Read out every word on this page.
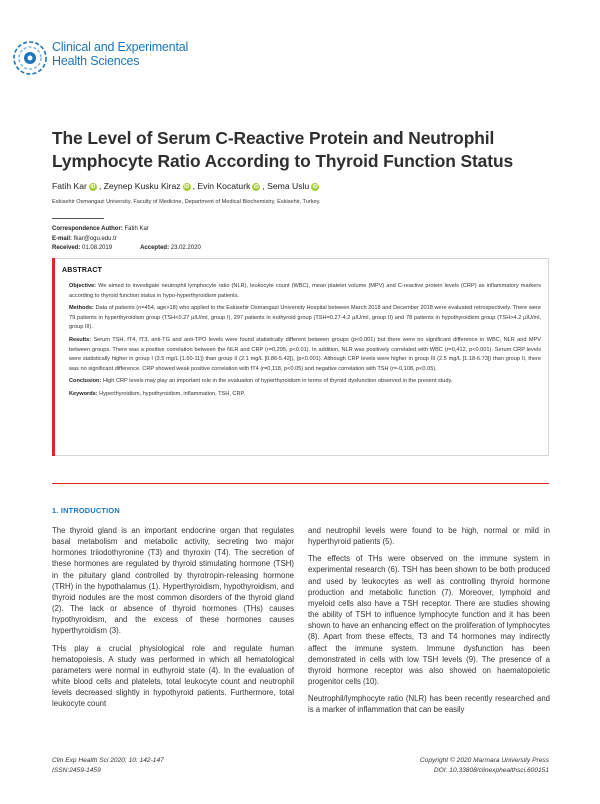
Clinical and Experimental
Health Sciences
The Level of Serum C-Reactive Protein and Neutrophil
Lymphocyte Ratio According to Thyroid Function Status
Fatih Kar iD , Zeynep Kusku Kiraz iD , Evin Kocaturk iD , Sema Uslu iD
Eskisehir Osmangazi University, Faculty of Medicine, Department of Medical Biochemistry, Eskisehir, Turkey.
Correspondence Author: Fatih Kar
E-mail: fkar@ogu.edu.tr
Received: 01.08.2019	Accepted: 23.02.2020
ABSTRACT

Objective: We aimed to investigate neutrophil lymphocyte ratio (NLR), leukocyte count (WBC), mean platelet volume (MPV) and C-reactive protein levels (CRP) as inflammatory markers according to thyroid function status in hypo-hyperthyroidism patients.

Methods: Data of patients (n=454, age>18) who applied to the Eskisehir Osmangazi University Hospital between March 2018 and December 2018 were evaluated retrospectively. There were 79 patients in hyperthyroidism group (TSH<0.27 µIU/ml, group I), 297 patients in euthyroid group (TSH=0.27-4.2 µIU/ml, group II) and 78 patients in hypothyroidism group (TSH>4.2 µIU/ml, group III).

Results: Serum TSH, fT4, fT3, anti-TG and anti-TPO levels were found statistically different between groups (p<0.001) but there were no significant difference in WBC, NLR and MPV between groups. There was a positive correlation between the NLR and CRP (r=0,295, p<0.01). In addition, NLR was positively correlated with WBC (r=0,412, p<0.001). Serum CRP levels were statistically higher in group I (3.5 mg/L [1.50-11]) than group II (2.1 mg/L [0.86-5.42]), (p<0.001). Although CRP levels were higher in group III (2.5 mg/L [1.18-6.73]) than group II, there was no significant difference. CRP showed weak positive correlation with fT4 (r=0,118, p<0.05) and negative correlation with TSH (r=-0,108, p<0.05).

Conclusion: High CRP levels may play an important role in the evaluation of hyperthyroidism in terms of thyroid dysfunction observed in the present study.

Keywords: Hyperthyroidism, hypothyroidism, inflammation, TSH, CRP.

1. INTRODUCTION

The thyroid gland is an important endocrine organ that regulates basal metabolism and metabolic activity, secreting two major hormones triiodothyronine (T3) and thyroxin (T4). The secretion of these hormones are regulated by thyroid stimulating hormone (TSH) in the pituitary gland controlled by thyrotropin-releasing hormone (TRH) in the hypothalamus (1). Hyperthyroidism, hypothyroidism, and thyroid nodules are the most common disorders of the thyroid gland (2). The lack or absence of thyroid hormones (THs) causes hypothyroidism, and the excess of these hormones causes hyperthyroidism (3).

THs play a crucial physiological role and regulate human hematopoiesis. A study was performed in which all hematological parameters were normal in euthyroid state (4). In the evaluation of white blood cells and platelets, total leukocyte count and neutrophil levels decreased slightly in hypothyroid patients. Furthermore, total leukocyte count

and neutrophil levels were found to be high, normal or mild in hyperthyroid patients (5).

The effects of THs were observed on the immune system in experimental research (6). TSH has been shown to be both produced and used by leukocytes as well as controlling thyroid hormone production and metabolic function (7). Moreover, lymphoid and myeloid cells also have a TSH receptor. There are studies showing the ability of TSH to influence lymphocyte function and it has been shown to have an enhancing effect on the proliferation of lymphocytes (8). Apart from these effects, T3 and T4 hormones may indirectly affect the immune system. Immune dysfunction has been demonstrated in cells with low TSH levels (9). The presence of a thyroid hormone receptor was also showed on haematopoietic progenitor cells (10).

Neutrophil/lymphocyte ratio (NLR) has been recently researched and is a marker of inflammation that can be easily

Clin Exp Health Sci 2020; 10: 142-147
ISSN:2459-1459
Copyright © 2020 Marmara University Press
DOI: 10.33808/clinexphealthsci.600151
